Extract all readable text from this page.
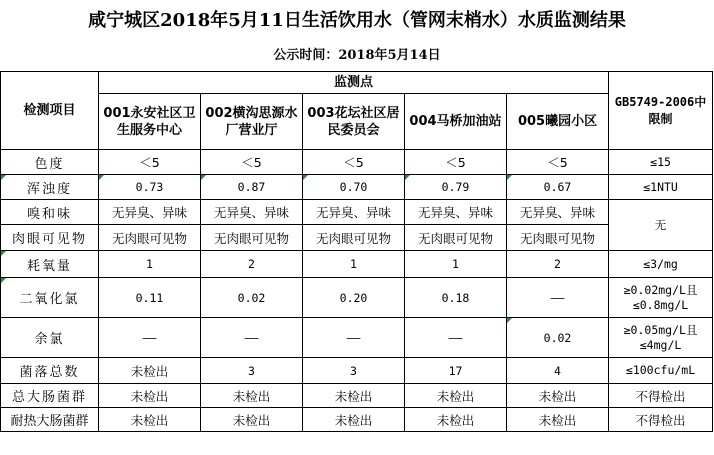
咸宁城区2018年5月11日生活饮用水（管网末梢水）水质监测结果
公示时间：2018年5月14日
检测项目	监测点					GB5749-2006中限制
	001永安社区卫生服务中心	002横沟思源水厂营业厅	003花坛社区居民委员会	004马桥加油站	005曦园小区	
色度	＜5	＜5	＜5	＜5	＜5	≤15
浑浊度	0.73	0.87	0.70	0.79	0.67	≤1NTU
嗅和味	无异臭、异味	无异臭、异味	无异臭、异味	无异臭、异味	无异臭、异味	无
肉眼可见物	无肉眼可见物	无肉眼可见物	无肉眼可见物	无肉眼可见物	无肉眼可见物	
耗氧量	1	2	1	1	2	≤3/mg
二氧化氯	0.11	0.02	0.20	0.18	——	≥0.02mg/L且≤0.8mg/L
余氯	——	——	——	——	0.02	≥0.05mg/L且≤4mg/L
菌落总数	未检出	3	3	17	4	≤100cfu/mL
总大肠菌群	未检出	未检出	未检出	未检出	未检出	不得检出
耐热大肠菌群	未检出	未检出	未检出	未检出	未检出	不得检出
